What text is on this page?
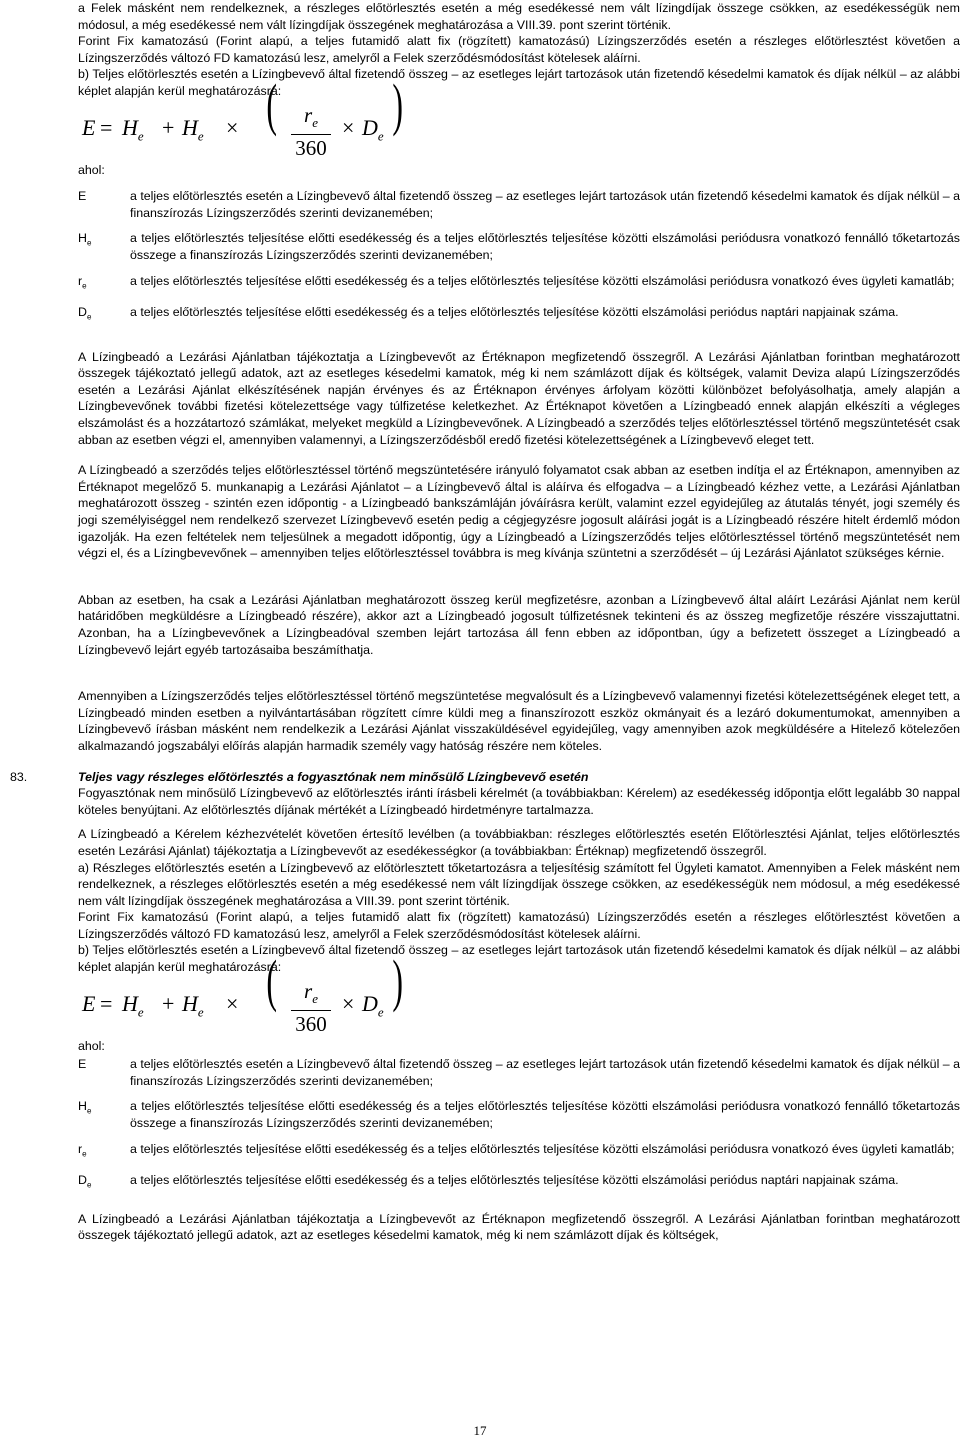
a Felek másként nem rendelkeznek, a részleges előtörlesztés esetén a még esedékessé nem vált lízingdíjak összege csökken, az esedékességük nem módosul, a még esedékessé nem vált lízingdíjak összegének meghatározása a VIII.39. pont szerint történik.

Forint Fix kamatozású (Forint alapú, a teljes futamidő alatt fix (rögzített) kamatozású) Lízingszerződés esetén a részleges előtörlesztést követően a Lízingszerződés változó FD kamatozású lesz, amelyről a Felek szerződésmódosítást kötelesek aláírni.

b) Teljes előtörlesztés esetén a Lízingbevevő által fizetendő összeg – az esetleges lejárt tartozások után fizetendő késedelmi kamatok és díjak nélkül – az alábbi képlet alapján kerül meghatározásra:

$E = H_e + H_e$ × ( $\frac{r_e}{360} \times D_e$ )

ahol:

E	a teljes előtörlesztés esetén a Lízingbevevő által fizetendő összeg – az esetleges lejárt tartozások után fizetendő késedelmi kamatok és díjak nélkül – a finanszírozás Lízingszerződés szerinti devizanemében;
$H_e$	a teljes előtörlesztés teljesítése előtti esedékesség és a teljes előtörlesztés teljesítése közötti elszámolási periódusra vonatkozó fennálló tőketartozás összege a finanszírozás Lízingszerződés szerinti devizanemében;
$r_e$	a teljes előtörlesztés teljesítése előtti esedékesség és a teljes előtörlesztés teljesítése közötti elszámolási periódusra vonatkozó éves ügyleti kamatláb;
$D_e$	a teljes előtörlesztés teljesítése előtti esedékesség és a teljes előtörlesztés teljesítése közötti elszámolási periódus naptári napjainak száma.

A Lízingbeadó a Lezárási Ajánlatban tájékoztatja a Lízingbevevőt az Értéknapon megfizetendő összegről. A Lezárási Ajánlatban forintban meghatározott összegek tájékoztató jellegű adatok, azt az esetleges késedelmi kamatok, még ki nem számlázott díjak és költségek, valamit Deviza alapú Lízingszerződés esetén a Lezárási Ajánlat elkészítésének napján érvényes és az Értéknapon érvényes árfolyam közötti különbözet befolyásolhatja, amely alapján a Lízingbevevőnek további fizetési kötelezettsége vagy túlfizetése keletkezhet. Az Értéknapot követően a Lízingbeadó ennek alapján elkészíti a végleges elszámolást és a hozzátartozó számlákat, melyeket megküld a Lízingbevevőnek. A Lízingbeadó a szerződés teljes előtörlesztéssel történő megszüntetését csak abban az esetben végzi el, amennyiben valamennyi, a Lízingszerződésből eredő fizetési kötelezettségének a Lízingbevevő eleget tett.

A Lízingbeadó a szerződés teljes előtörlesztéssel történő megszüntetésére irányuló folyamatot csak abban az esetben indítja el az Értéknapon, amennyiben az Értéknapot megelőző 5. munkanapig a Lezárási Ajánlatot – a Lízingbevevő által is aláírva és elfogadva – a Lízingbeadó kézhez vette, a Lezárási Ajánlatban meghatározott összeg - szintén ezen időpontig - a Lízingbeadó bankszámláján jóváírásra került, valamint ezzel egyidejűleg az átutalás tényét, jogi személy és jogi személyiséggel nem rendelkező szervezet Lízingbevevő esetén pedig a cégjegyzésre jogosult aláírási jogát is a Lízingbeadó részére hitelt érdemlő módon igazolják. Ha ezen feltételek nem teljesülnek a megadott időpontig, úgy a Lízingbeadó a Lízingszerződés teljes előtörlesztéssel történő megszüntetését nem végzi el, és a Lízingbevevőnek – amennyiben teljes előtörlesztéssel továbbra is meg kívánja szüntetni a szerződését – új Lezárási Ajánlatot szükséges kérnie.

Abban az esetben, ha csak a Lezárási Ajánlatban meghatározott összeg kerül megfizetésre, azonban a Lízingbevevő által aláírt Lezárási Ajánlat nem kerül határidőben megküldésre a Lízingbeadó részére), akkor azt a Lízingbeadó jogosult túlfizetésnek tekinteni és az összeg megfizetője részére visszajuttatni. Azonban, ha a Lízingbevevőnek a Lízingbeadóval szemben lejárt tartozása áll fenn ebben az időpontban, úgy a befizetett összeget a Lízingbeadó a Lízingbevevő lejárt egyéb tartozásaiba beszámíthatja.

Amennyiben a Lízingszerződés teljes előtörlesztéssel történő megszüntetése megvalósult és a Lízingbevevő valamennyi fizetési kötelezettségének eleget tett, a Lízingbeadó minden esetben a nyilvántartásában rögzített címre küldi meg a finanszírozott eszköz okmányait és a lezáró dokumentumokat, amennyiben a Lízingbevevő írásban másként nem rendelkezik a Lezárási Ajánlat visszaküldésével egyidejűleg, vagy amennyiben azok megküldésére a Hitelező kötelezően alkalmazandó jogszabályi előírás alapján harmadik személy vagy hatóság részére nem köteles.

83.	Teljes vagy részleges előtörlesztés a fogyasztónak nem minősülő Lízingbevevő esetén

Fogyasztónak nem minősülő Lízingbevevő az előtörlesztés iránti írásbeli kérelmét (a továbbiakban: Kérelem) az esedékesség időpontja előtt legalább 30 nappal köteles benyújtani. Az előtörlesztés díjának mértékét a Lízingbeadó hirdetményre tartalmazza.

A Lízingbeadó a Kérelem kézhezvételét követően értesítő levélben (a továbbiakban: részleges előtörlesztés esetén Előtörlesztési Ajánlat, teljes előtörlesztés esetén Lezárási Ajánlat) tájékoztatja a Lízingbevevőt az esedékességkor (a továbbiakban: Értéknap) megfizetendő összegről.

a) Részleges előtörlesztés esetén a Lízingbevevő az előtörlesztett tőketartozásra a teljesítésig számított fel Ügyleti kamatot. Amennyiben a Felek másként nem rendelkeznek, a részleges előtörlesztés esetén a még esedékessé nem vált lízingdíjak összege csökken, az esedékességük nem módosul, a még esedékessé nem vált lízingdíjak összegének meghatározása a VIII.39. pont szerint történik.

Forint Fix kamatozású (Forint alapú, a teljes futamidő alatt fix (rögzített) kamatozású) Lízingszerződés esetén a részleges előtörlesztést követően a Lízingszerződés változó FD kamatozású lesz, amelyről a Felek szerződésmódosítást kötelesek aláírni.

b) Teljes előtörlesztés esetén a Lízingbevevő által fizetendő összeg – az esetleges lejárt tartozások után fizetendő késedelmi kamatok és díjak nélkül – az alábbi képlet alapján kerül meghatározásra:

$E = H_e + H_e$ × ( $\frac{r_e}{360} \times D_e$ )

ahol:

E	a teljes előtörlesztés esetén a Lízingbevevő által fizetendő összeg – az esetleges lejárt tartozások után fizetendő késedelmi kamatok és díjak nélkül – a finanszírozás Lízingszerződés szerinti devizanemében;
$H_e$	a teljes előtörlesztés teljesítése előtti esedékesség és a teljes előtörlesztés teljesítése közötti elszámolási periódusra vonatkozó fennálló tőketartozás összege a finanszírozás Lízingszerződés szerinti devizanemében;
$r_e$	a teljes előtörlesztés teljesítése előtti esedékesség és a teljes előtörlesztés teljesítése közötti elszámolási periódusra vonatkozó éves ügyleti kamatláb;
$D_e$	a teljes előtörlesztés teljesítése előtti esedékesség és a teljes előtörlesztés teljesítése közötti elszámolási periódus naptári napjainak száma.

A Lízingbeadó a Lezárási Ajánlatban tájékoztatja a Lízingbevevőt az Értéknapon megfizetendő összegről. A Lezárási Ajánlatban forintban meghatározott összegek tájékoztató jellegű adatok, azt az esetleges késedelmi kamatok, még ki nem számlázott díjak és költségek,

17
